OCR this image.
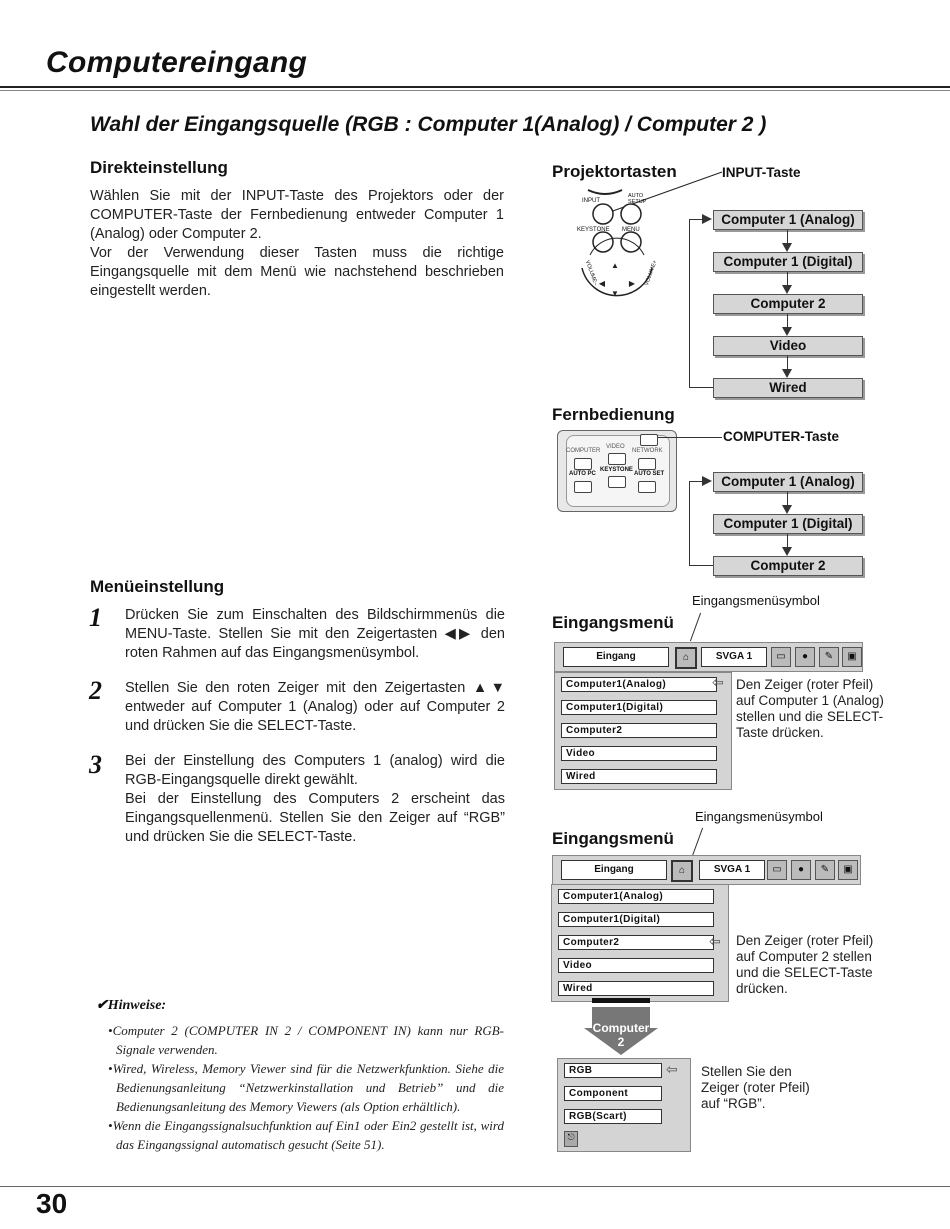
Computereingang
Wahl der Eingangsquelle (RGB : Computer 1(Analog) / Computer 2 )
Direkteinstellung
Wählen Sie mit der INPUT-Taste des Projektors oder der COMPUTER-Taste der Fernbedienung entweder Computer 1 (Analog) oder Computer 2.
Vor der Verwendung dieser Tasten muss die richtige Eingangsquelle mit dem Menü wie nachstehend beschrieben eingestellt werden.
Projektortasten	INPUT-Taste
▲
◀	▶
▼
INPUT
AUTO SETUP
KEYSTONE MENU
VOLUME–	VOLUME+
Computer 1 (Analog)
Computer 1 (Digital)
Computer 2
Video
Wired
Fernbedienung
COMPUTER-Taste
COMPUTER
VIDEO
NETWORK
AUTO PC
KEYSTONE
AUTO SET	Computer 1 (Analog)
Computer 1 (Digital)
Computer 2
Menüeinstellung
1 Drücken Sie zum Einschalten des Bildschirmmenüs die MENU-Taste. Stellen Sie mit den Zeigertasten ◀▶ den roten Rahmen auf das Eingangsmenüsymbol.
2 Stellen Sie den roten Zeiger mit den Zeigertasten ▲▼ entweder auf Computer 1 (Analog) oder auf Computer 2 und drücken Sie die SELECT-Taste.
3 Bei der Einstellung des Computers 1 (analog) wird die RGB-Eingangsquelle direkt gewählt.
Bei der Einstellung des Computers 2 erscheint das Eingangsquellenmenü. Stellen Sie den Zeiger auf “RGB” und drücken Sie die SELECT-Taste.
Eingangsmenüsymbol
Eingangsmenü
Eingang	⌂	SVGA 1	▭	●	✎	▣
Computer1(Analog)
Computer1(Digital)
Computer2
Video
Wired
⇦ Den Zeiger (roter Pfeil) auf Computer 1 (Analog) stellen und die SELECT-Taste drücken.
Eingangsmenüsymbol
Eingangsmenü
Eingang	⌂	SVGA 1	▭	●	✎	▣
Computer1(Analog)
Computer1(Digital)
Computer2
Video
Wired
⇦ Den Zeiger (roter Pfeil) auf Computer 2 stellen und die SELECT-Taste drücken.
Computer
2
RGB
Component
RGB(Scart)
⎋
⇦ Stellen Sie den Zeiger (roter Pfeil) auf “RGB”.
✔Hinweise:
•Computer 2 (COMPUTER IN 2 / COMPONENT IN) kann nur RGB-Signale verwenden.
•Wired, Wireless, Memory Viewer sind für die Netzwerkfunktion. Siehe die Bedienungsanleitung “Netzwerkinstallation und Betrieb” und die Bedienungsanleitung des Memory Viewers (als Option erhältlich).
•Wenn die Eingangssignalsuchfunktion auf Ein1 oder Ein2 gestellt ist, wird das Eingangssignal automatisch gesucht (Seite 51).
30
